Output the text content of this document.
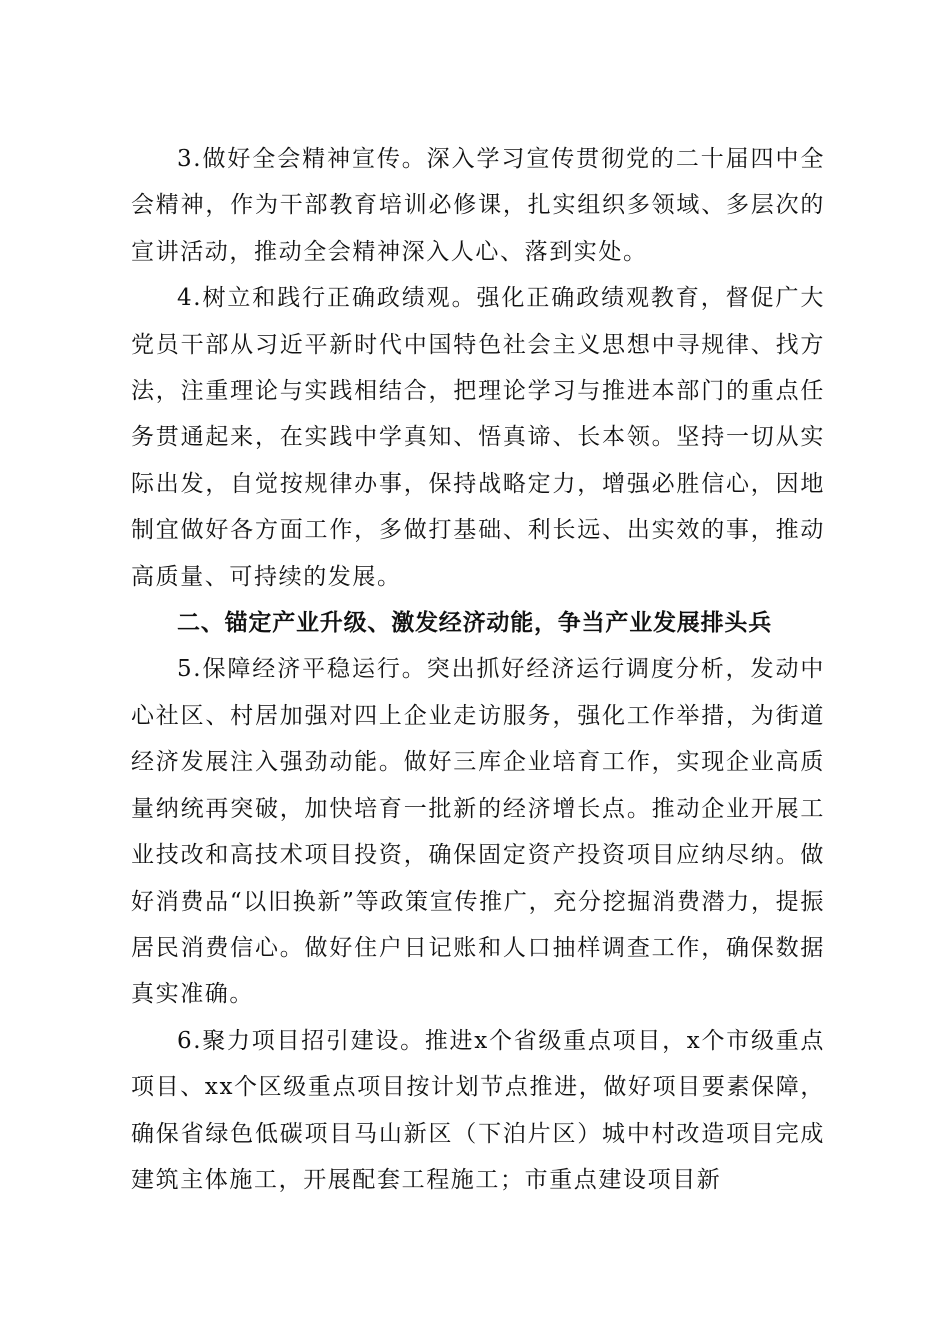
3.做好全会精神宣传。深入学习宣传贯彻党的二十届四中全会精神，作为干部教育培训必修课，扎实组织多领域、多层次的宣讲活动，推动全会精神深入人心、落到实处。

4.树立和践行正确政绩观。强化正确政绩观教育，督促广大党员干部从习近平新时代中国特色社会主义思想中寻规律、找方法，注重理论与实践相结合，把理论学习与推进本部门的重点任务贯通起来，在实践中学真知、悟真谛、长本领。坚持一切从实际出发，自觉按规律办事，保持战略定力，增强必胜信心，因地制宜做好各方面工作，多做打基础、利长远、出实效的事，推动高质量、可持续的发展。

二、锚定产业升级、激发经济动能，争当产业发展排头兵

5.保障经济平稳运行。突出抓好经济运行调度分析，发动中心社区、村居加强对四上企业走访服务，强化工作举措，为街道经济发展注入强劲动能。做好三库企业培育工作，实现企业高质量纳统再突破，加快培育一批新的经济增长点。推动企业开展工业技改和高技术项目投资，确保固定资产投资项目应纳尽纳。做好消费品“以旧换新”等政策宣传推广，充分挖掘消费潜力，提振居民消费信心。做好住户日记账和人口抽样调查工作，确保数据真实准确。

6.聚力项目招引建设。推进x个省级重点项目，x个市级重点项目、xx个区级重点项目按计划节点推进，做好项目要素保障，确保省绿色低碳项目马山新区（下泊片区）城中村改造项目完成建筑主体施工，开展配套工程施工；市重点建设项目新
